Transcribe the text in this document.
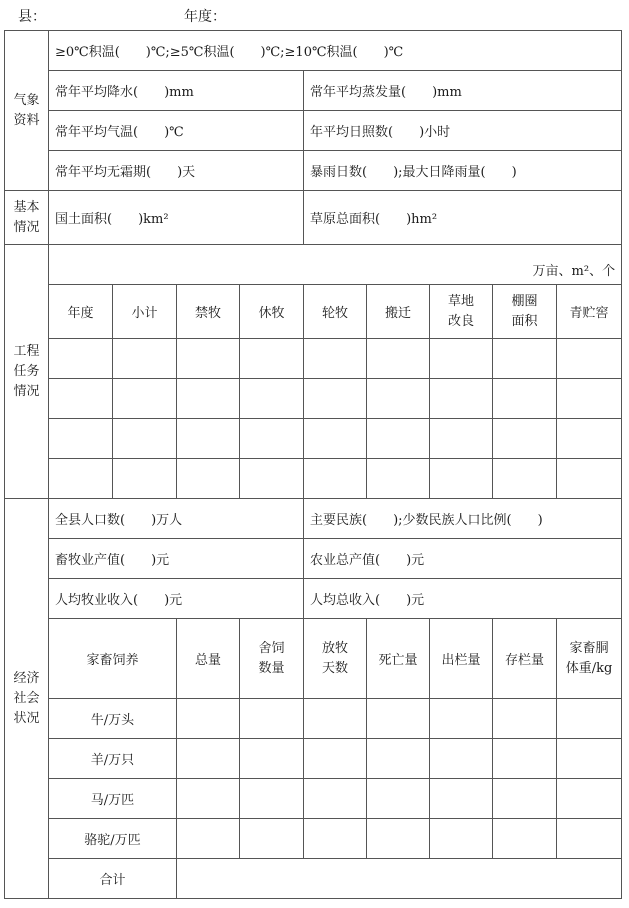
县：	年度：
气象资料	≥0℃积温(　　)℃;≥5℃积温(　　)℃;≥10℃积温(　　)℃								
	常年平均降水(　　)mm				常年平均蒸发量(　　)mm				
	常年平均气温(　　)℃				年平均日照数(　　)小时				
	常年平均无霜期(　　)天				暴雨日数(　　);最大日降雨量(　　)				
基本情况	国土面积(　　)km²				草原总面积(　　)hm²				
工程任务情况	万亩、m²、个								
	年度	小计	禁牧	休牧	轮牧	搬迁	草地改良	棚圈面积	青贮窖

经济社会状况	全县人口数(　　)万人				主要民族(　　);少数民族人口比例(　　)				
	畜牧业产值(　　)元				农业总产值(　　)元				
	人均牧业收入(　　)元				人均总收入(　　)元				
	家畜饲养		总量	舍饲数量	放牧天数	死亡量	出栏量	存栏量	家畜胴体重/kg
	牛/万头								
	羊/万只								
	马/万匹								
	骆驼/万匹								
	合计								
